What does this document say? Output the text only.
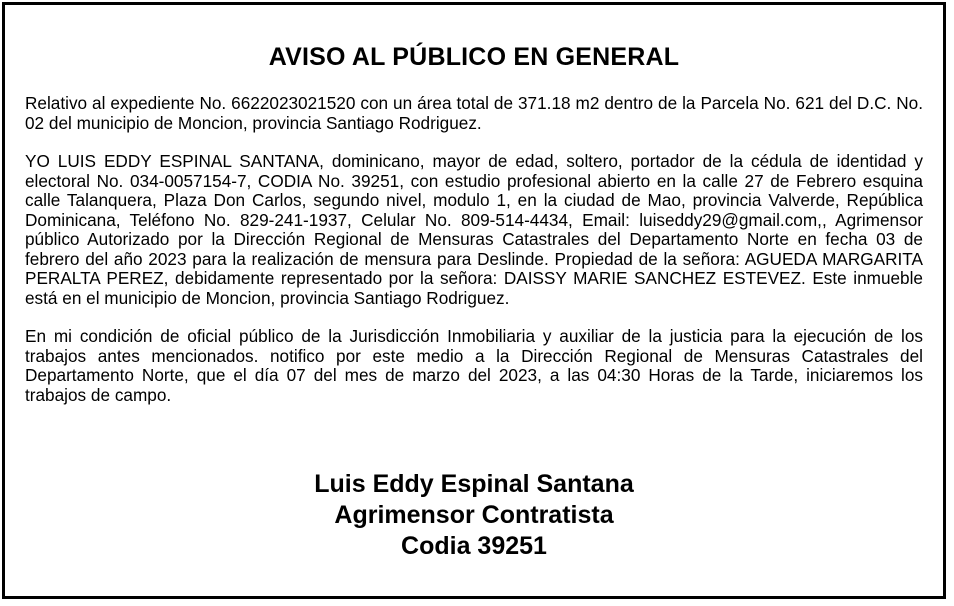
AVISO AL PÚBLICO EN GENERAL

Relativo al expediente No. 6622023021520 con un área total de 371.18 m2 dentro de la Parcela No. 621 del D.C. No. 02 del municipio de Moncion, provincia Santiago Rodriguez.

YO LUIS EDDY ESPINAL SANTANA, dominicano, mayor de edad, soltero, portador de la cédula de identidad y electoral No. 034-0057154-7, CODIA No. 39251, con estudio profesional abierto en la calle 27 de Febrero esquina calle Talanquera, Plaza Don Carlos, segundo nivel, modulo 1, en la ciudad de Mao, provincia Valverde, República Dominicana, Teléfono No. 829-241-1937, Celular No. 809-514-4434, Email: luiseddy29@gmail.com,, Agrimensor público Autorizado por la Dirección Regional de Mensuras Catastrales del Departamento Norte en fecha 03 de febrero del año 2023 para la realización de mensura para Deslinde. Propiedad de la señora: AGUEDA MARGARITA PERALTA PEREZ, debidamente representado por la señora: DAISSY MARIE SANCHEZ ESTEVEZ. Este inmueble está en el municipio de Moncion, provincia Santiago Rodriguez.

En mi condición de oficial público de la Jurisdicción Inmobiliaria y auxiliar de la justicia para la ejecución de los trabajos antes mencionados. notifico por este medio a la Dirección Regional de Mensuras Catastrales del Departamento Norte, que el día 07 del mes de marzo del 2023, a las 04:30 Horas de la Tarde, iniciaremos los trabajos de campo.

Luis Eddy Espinal Santana
Agrimensor Contratista
Codia 39251
